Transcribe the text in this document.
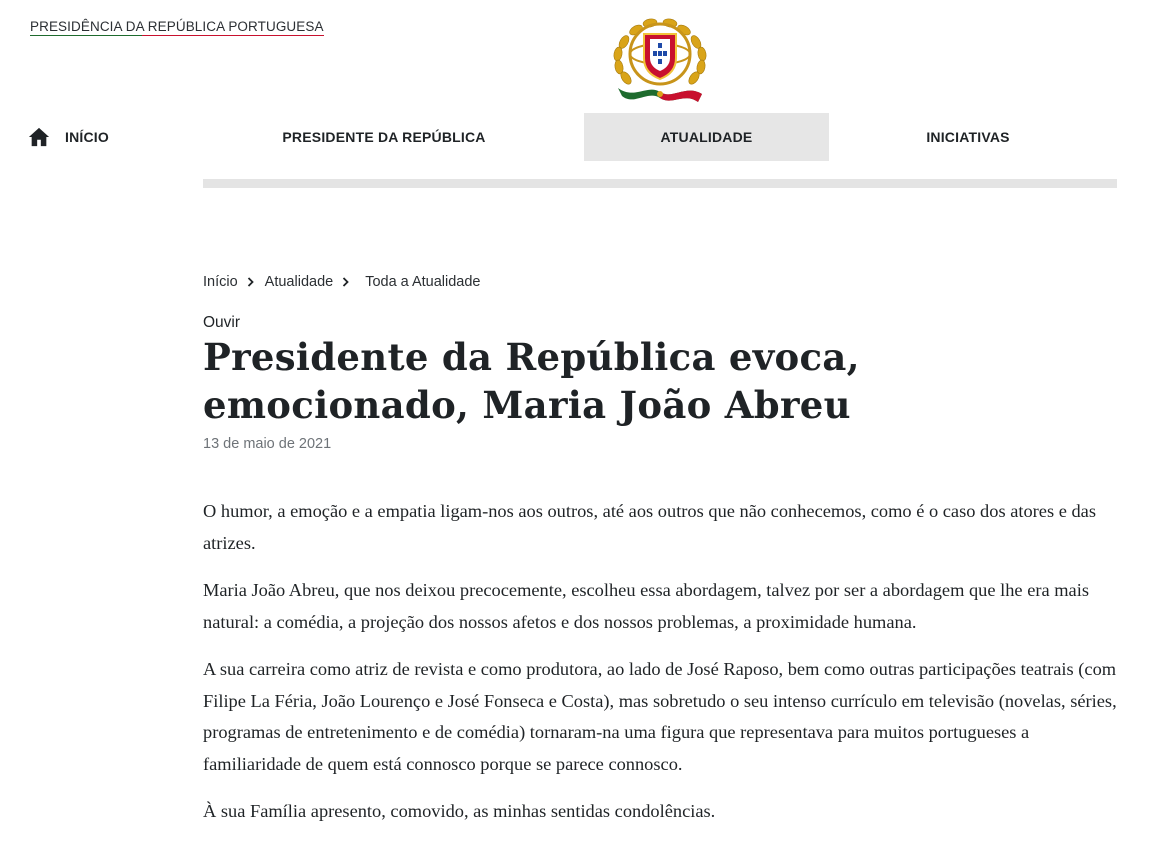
PRESIDÊNCIA DA REPÚBLICA PORTUGUESA
INÍCIO	PRESIDENTE DA REPÚBLICA	ATUALIDADE	INICIATIVAS
Início Atualidade Toda a Atualidade
Ouvir
Presidente da República evoca, emocionado, Maria João Abreu
13 de maio de 2021

O humor, a emoção e a empatia ligam-nos aos outros, até aos outros que não conhecemos, como é o caso dos atores e das atrizes.

Maria João Abreu, que nos deixou precocemente, escolheu essa abordagem, talvez por ser a abordagem que lhe era mais natural: a comédia, a projeção dos nossos afetos e dos nossos problemas, a proximidade humana.

A sua carreira como atriz de revista e como produtora, ao lado de José Raposo, bem como outras participações teatrais (com Filipe La Féria, João Lourenço e José Fonseca e Costa), mas sobretudo o seu intenso currículo em televisão (novelas, séries, programas de entretenimento e de comédia) tornaram-na uma figura que representava para muitos portugueses a familiaridade de quem está connosco porque se parece connosco.

À sua Família apresento, comovido, as minhas sentidas condolências.
